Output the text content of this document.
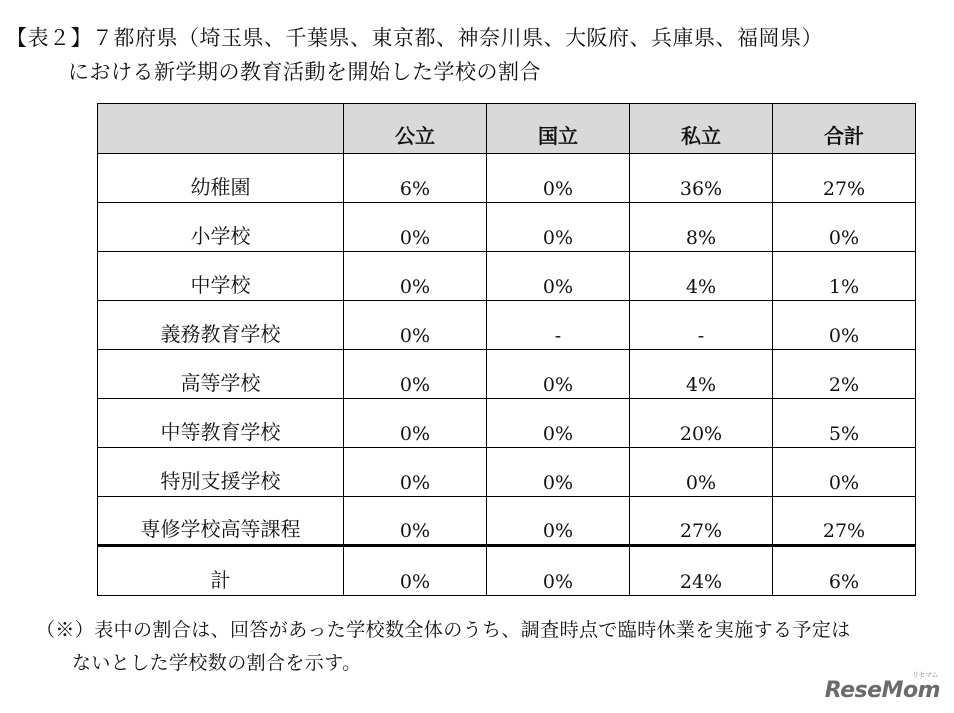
【表２】７都府県（埼玉県、千葉県、東京都、神奈川県、大阪府、兵庫県、福岡県）
における新学期の教育活動を開始した学校の割合
	公立	国立	私立	合計
幼稚園	6%	0%	36%	27%
小学校	0%	0%	8%	0%
中学校	0%	0%	4%	1%
義務教育学校	0%	-	-	0%
高等学校	0%	0%	4%	2%
中等教育学校	0%	0%	20%	5%
特別支援学校	0%	0%	0%	0%
専修学校高等課程	0%	0%	27%	27%
計	0%	0%	24%	6%
（※）表中の割合は、回答があった学校数全体のうち、調査時点で臨時休業を実施する予定は
ないとした学校数の割合を示す。
ReseMom
リセマム
